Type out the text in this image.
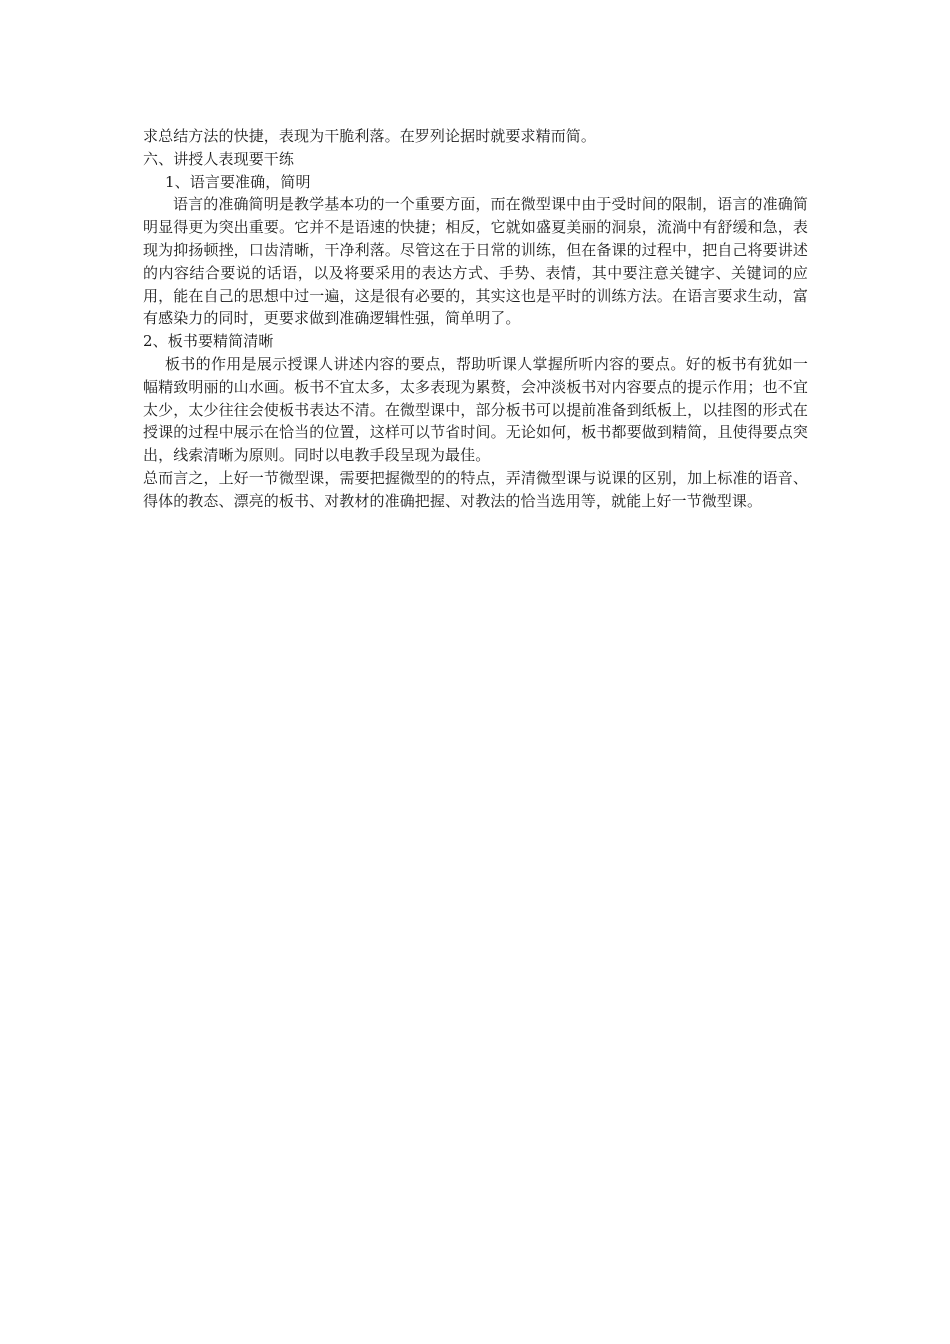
求总结方法的快捷，表现为干脆利落。在罗列论据时就要求精而简。

六、讲授人表现要干练

1、语言要准确，简明

语言的准确简明是教学基本功的一个重要方面，而在微型课中由于受时间的限制，语言的准确简明显得更为突出重要。它并不是语速的快捷；相反，它就如盛夏美丽的洞泉，流淌中有舒缓和急，表现为抑扬顿挫，口齿清晰，干净利落。尽管这在于日常的训练，但在备课的过程中，把自己将要讲述的内容结合要说的话语，以及将要采用的表达方式、手势、表情，其中要注意关键字、关键词的应用，能在自己的思想中过一遍，这是很有必要的，其实这也是平时的训练方法。在语言要求生动，富有感染力的同时，更要求做到准确逻辑性强，简单明了。

2、板书要精简清晰

板书的作用是展示授课人讲述内容的要点，帮助听课人掌握所听内容的要点。好的板书有犹如一幅精致明丽的山水画。板书不宜太多，太多表现为累赘，会冲淡板书对内容要点的提示作用；也不宜太少，太少往往会使板书表达不清。在微型课中，部分板书可以提前准备到纸板上，以挂图的形式在授课的过程中展示在恰当的位置，这样可以节省时间。无论如何，板书都要做到精简，且使得要点突出，线索清晰为原则。同时以电教手段呈现为最佳。

总而言之，上好一节微型课，需要把握微型的的特点，弄清微型课与说课的区别，加上标准的语音、得体的教态、漂亮的板书、对教材的准确把握、对教法的恰当选用等，就能上好一节微型课。
